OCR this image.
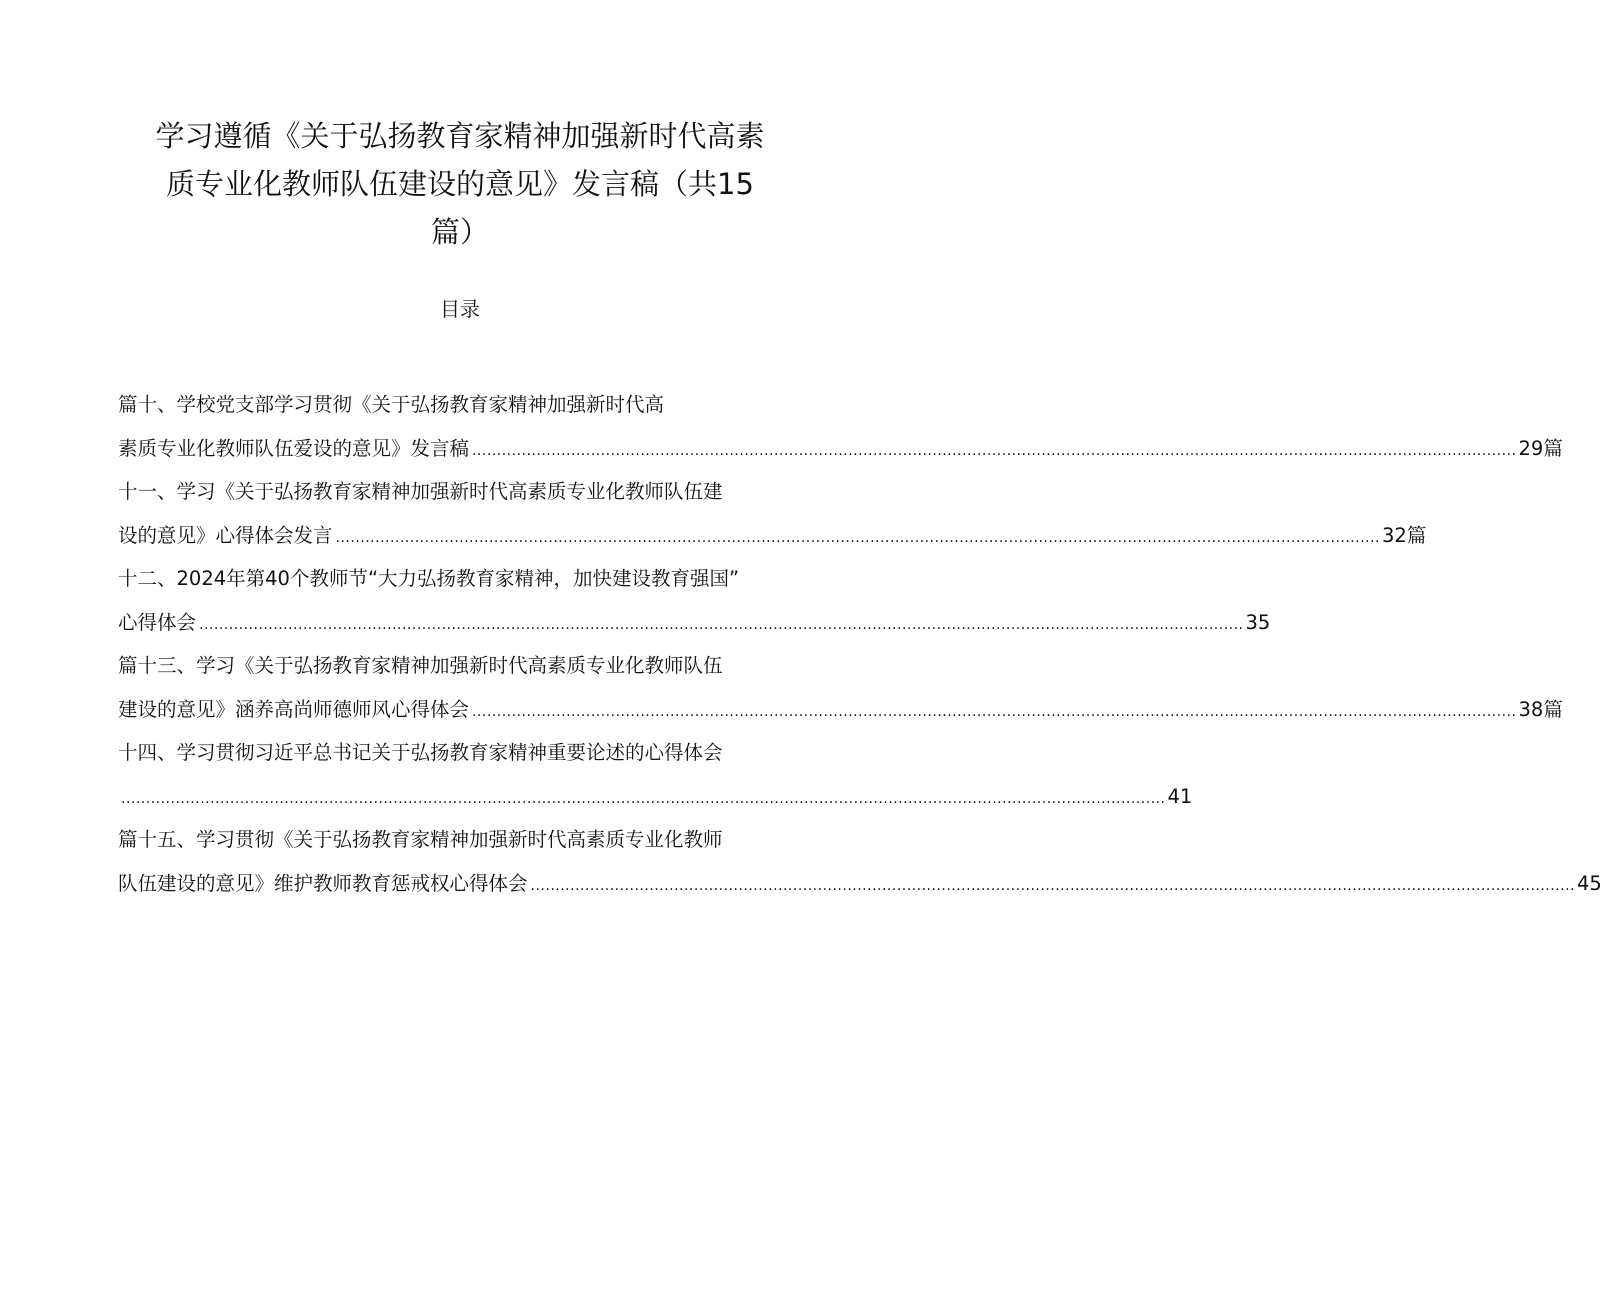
学习遵循《关于弘扬教育家精神加强新时代高素
质专业化教师队伍建设的意见》发言稿（共15
篇）
目录
篇十、学校党支部学习贯彻《关于弘扬教育家精神加强新时代高
素质专业化教师队伍爱设的意见》发言稿 ................................................................................................................................................................................................................... 29篇
十一、学习《关于弘扬教育家精神加强新时代高素质专业化教师队伍建
设的意见》心得体会发言 ................................................................................................................................................................................................................... 32篇
十二、2024年第40个教师节“大力弘扬教育家精神，加快建设教育强国”
心得体会 ................................................................................................................................................................................................................... 35
篇十三、学习《关于弘扬教育家精神加强新时代高素质专业化教师队伍
建设的意见》涵养高尚师德师风心得体会 ................................................................................................................................................................................................................... 38篇
十四、学习贯彻习近平总书记关于弘扬教育家精神重要论述的心得体会
................................................................................................................................................................................................................... 41
篇十五、学习贯彻《关于弘扬教育家精神加强新时代高素质专业化教师
队伍建设的意见》维护教师教育惩戒权心得体会 ................................................................................................................................................................................................................... 45
